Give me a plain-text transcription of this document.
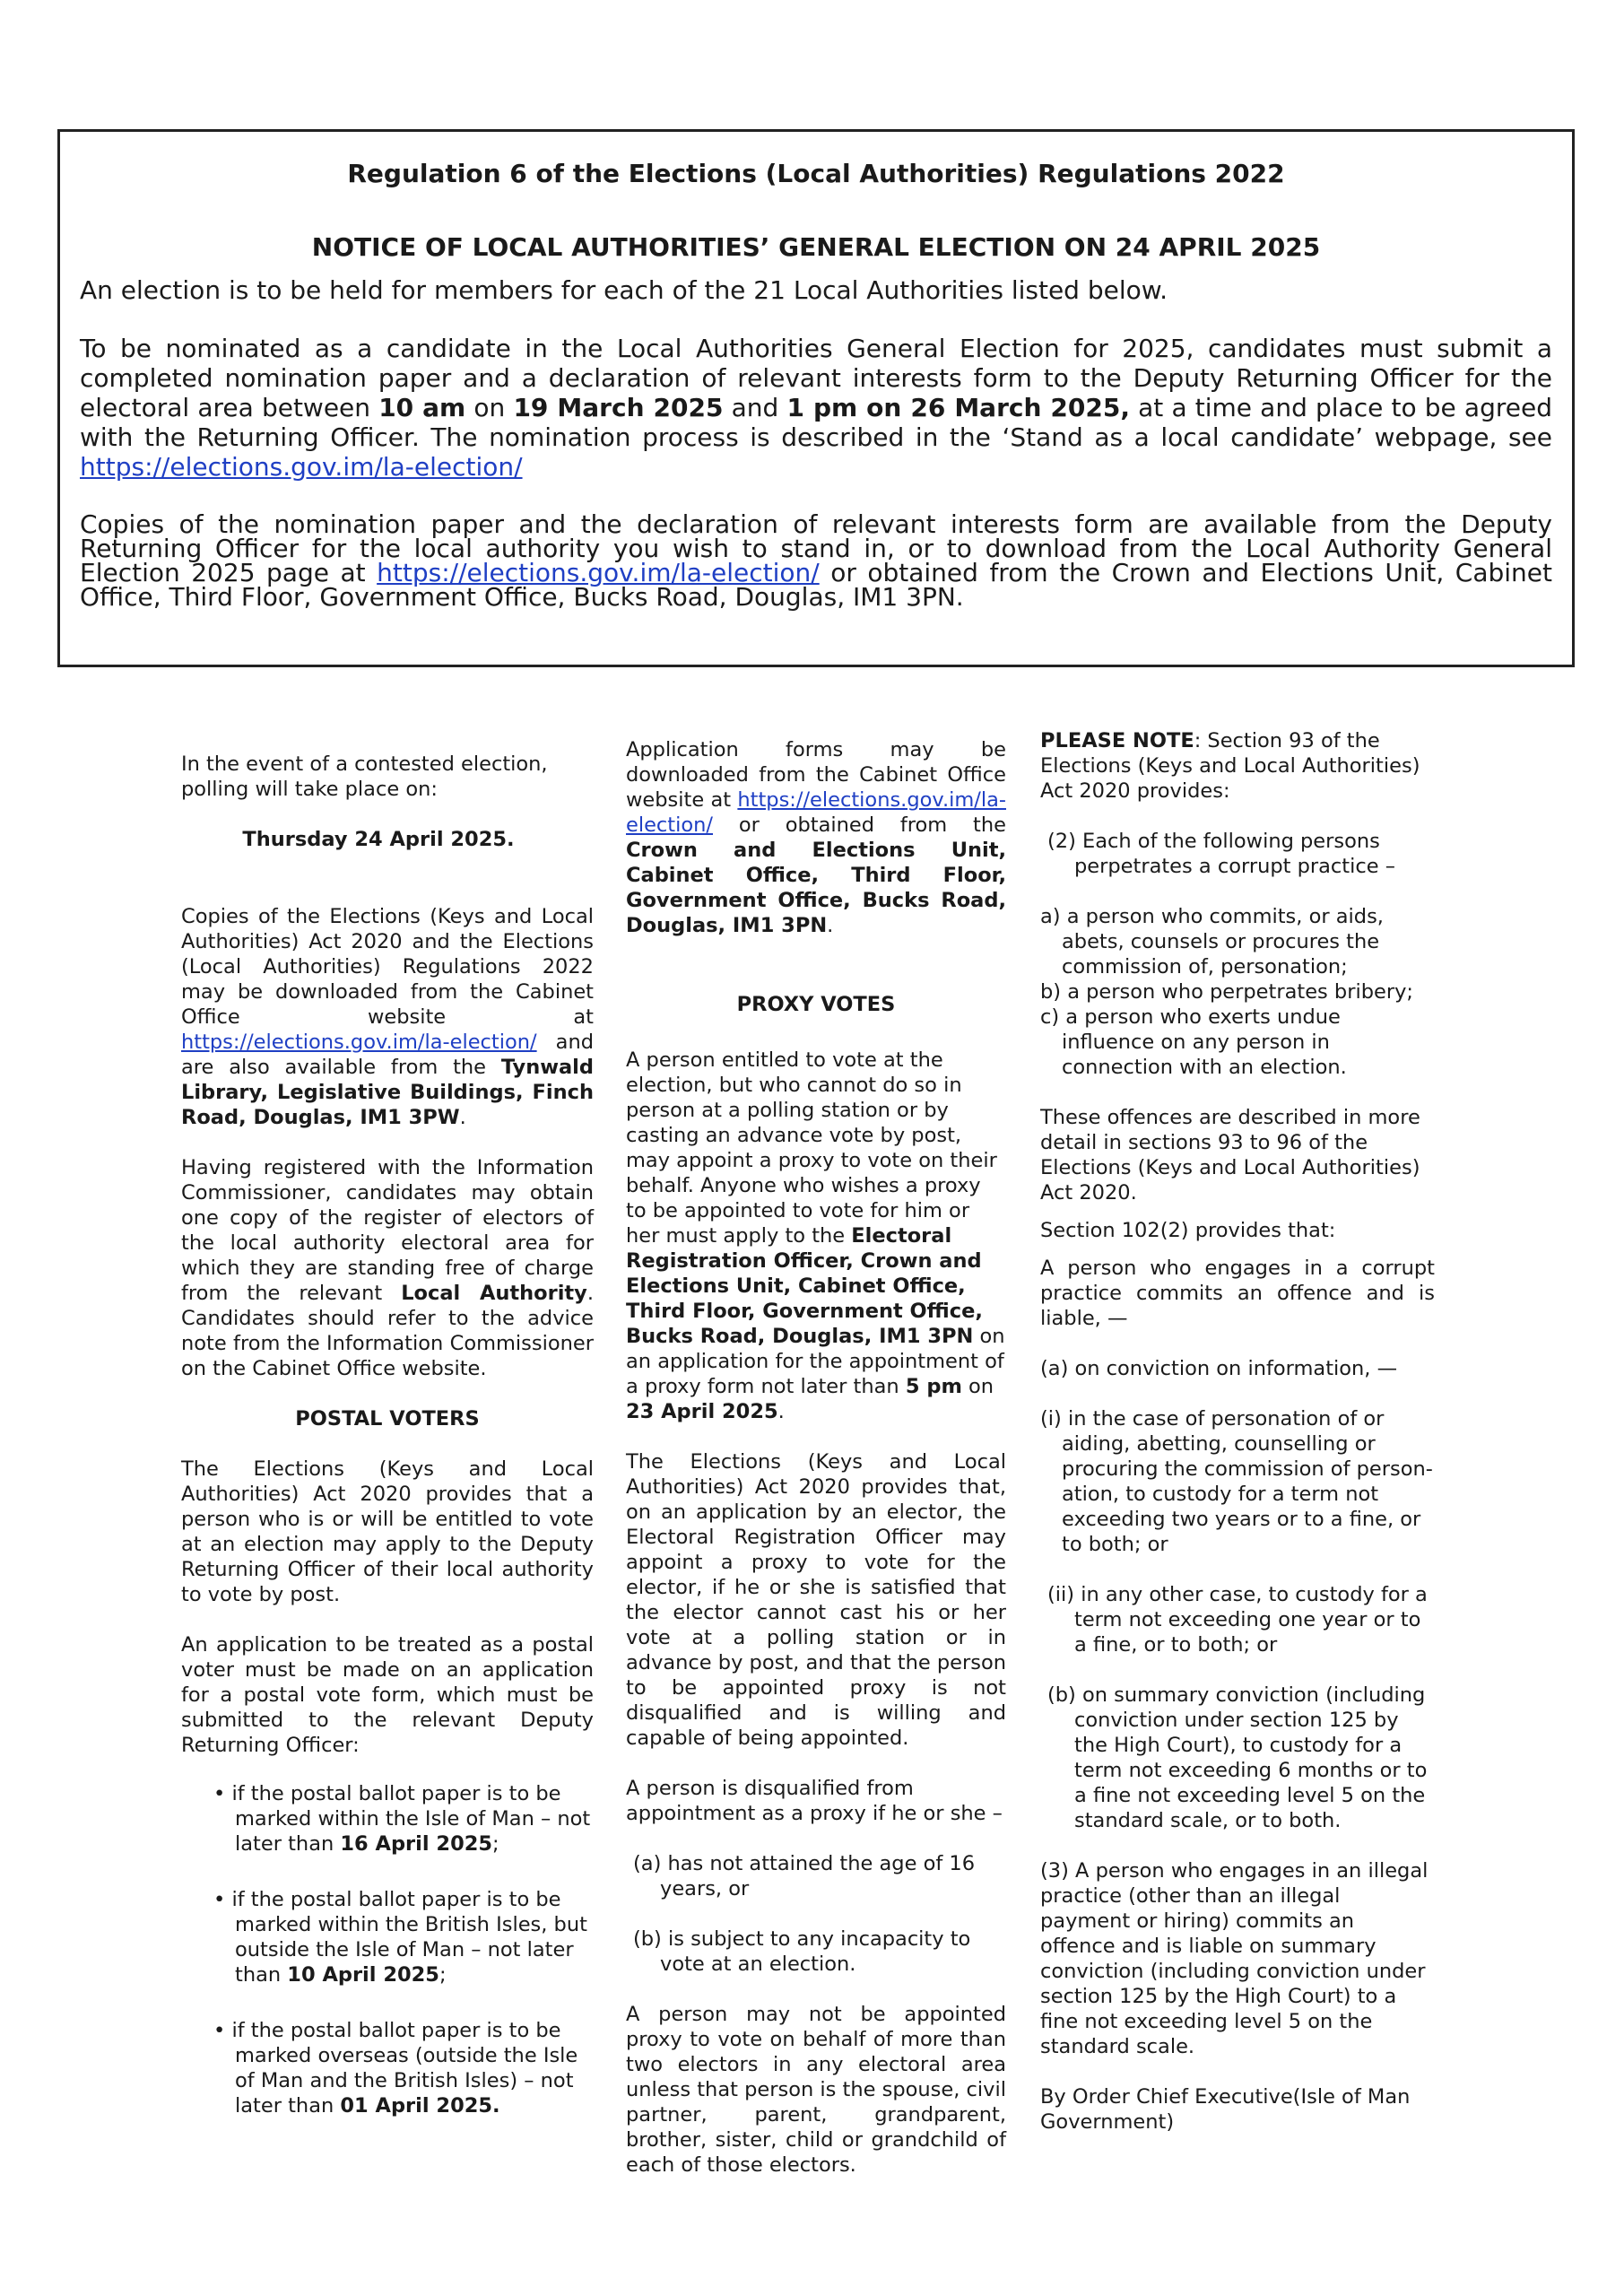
Regulation 6 of the Elections (Local Authorities) Regulations 2022

NOTICE OF LOCAL AUTHORITIES’ GENERAL ELECTION ON 24 APRIL 2025

An election is to be held for members for each of the 21 Local Authorities listed below.

To be nominated as a candidate in the Local Authorities General Election for 2025, candidates must submit a completed nomination paper and a declaration of relevant interests form to the Deputy Returning Officer for the electoral area between 10 am on 19 March 2025 and 1 pm on 26 March 2025, at a time and place to be agreed with the Returning Officer. The nomination process is described in the ‘Stand as a local candidate’ webpage, see https://elections.gov.im/la-election/

Copies of the nomination paper and the declaration of relevant interests form are available from the Deputy Returning Officer for the local authority you wish to stand in, or to download from the Local Authority General Election 2025 page at https://elections.gov.im/la-election/ or obtained from the Crown and Elections Unit, Cabinet Office, Third Floor, Government Office, Bucks Road, Douglas, IM1 3PN.

In the event of a contested election, polling will take place on:

Thursday 24 April 2025.

Copies of the Elections (Keys and Local Authorities) Act 2020 and the Elections (Local Authorities) Regulations 2022 may be downloaded from the Cabinet Office website at https://elections.gov.im/la-election/ and are also available from the Tynwald Library, Legislative Buildings, Finch Road, Douglas, IM1 3PW.

Having registered with the Information Commissioner, candidates may obtain one copy of the register of electors of the local authority electoral area for which they are standing free of charge from the relevant Local Authority. Candidates should refer to the advice note from the Information Commissioner on the Cabinet Office website.

POSTAL VOTERS

The Elections (Keys and Local Authorities) Act 2020 provides that a person who is or will be entitled to vote at an election may apply to the Deputy Returning Officer of their local authority to vote by post.

An application to be treated as a postal voter must be made on an application for a postal vote form, which must be submitted to the relevant Deputy Returning Officer:

• if the postal ballot paper is to be marked within the Isle of Man – not later than 16 April 2025;

• if the postal ballot paper is to be marked within the British Isles, but outside the Isle of Man – not later than 10 April 2025;

• if the postal ballot paper is to be marked overseas (outside the Isle of Man and the British Isles) – not later than 01 April 2025.

Application forms may be downloaded from the Cabinet Office website at https://elections.gov.im/la-election/ or obtained from the Crown and Elections Unit, Cabinet Office, Third Floor, Government Office, Bucks Road, Douglas, IM1 3PN.

PROXY VOTES

A person entitled to vote at the election, but who cannot do so in person at a polling station or by casting an advance vote by post, may appoint a proxy to vote on their behalf. Anyone who wishes a proxy to be appointed to vote for him or her must apply to the Electoral Registration Officer, Crown and Elections Unit, Cabinet Office, Third Floor, Government Office, Bucks Road, Douglas, IM1 3PN on an application for the appointment of a proxy form not later than 5 pm on 23 April 2025.

The Elections (Keys and Local Authorities) Act 2020 provides that, on an application by an elector, the Electoral Registration Officer may appoint a proxy to vote for the elector, if he or she is satisfied that the elector cannot cast his or her vote at a polling station or in advance by post, and that the person to be appointed proxy is not disqualified and is willing and capable of being appointed.

A person is disqualified from appointment as a proxy if he or she –

(a) has not attained the age of 16 years, or

(b) is subject to any incapacity to vote at an election.

A person may not be appointed proxy to vote on behalf of more than two electors in any electoral area unless that person is the spouse, civil partner, parent, grandparent, brother, sister, child or grandchild of each of those electors.

PLEASE NOTE: Section 93 of the Elections (Keys and Local Authorities) Act 2020 provides:

(2) Each of the following persons perpetrates a corrupt practice –

a) a person who commits, or aids, abets, counsels or procures the commission of, personation;

b) a person who perpetrates bribery;

c) a person who exerts undue influence on any person in connection with an election.

These offences are described in more detail in sections 93 to 96 of the Elections (Keys and Local Authorities) Act 2020.

Section 102(2) provides that:

A person who engages in a corrupt practice commits an offence and is liable, —

(a) on conviction on information, —

(i) in the case of personation of or aiding, abetting, counselling or procuring the commission of person-ation, to custody for a term not exceeding two years or to a fine, or to both; or

(ii) in any other case, to custody for a term not exceeding one year or to a fine, or to both; or

(b) on summary conviction (including conviction under section 125 by the High Court), to custody for a term not exceeding 6 months or to a fine not exceeding level 5 on the standard scale, or to both.

(3) A person who engages in an illegal practice (other than an illegal payment or hiring) commits an offence and is liable on summary conviction (including conviction under section 125 by the High Court) to a fine not exceeding level 5 on the standard scale.

By Order Chief Executive(Isle of Man Government)
